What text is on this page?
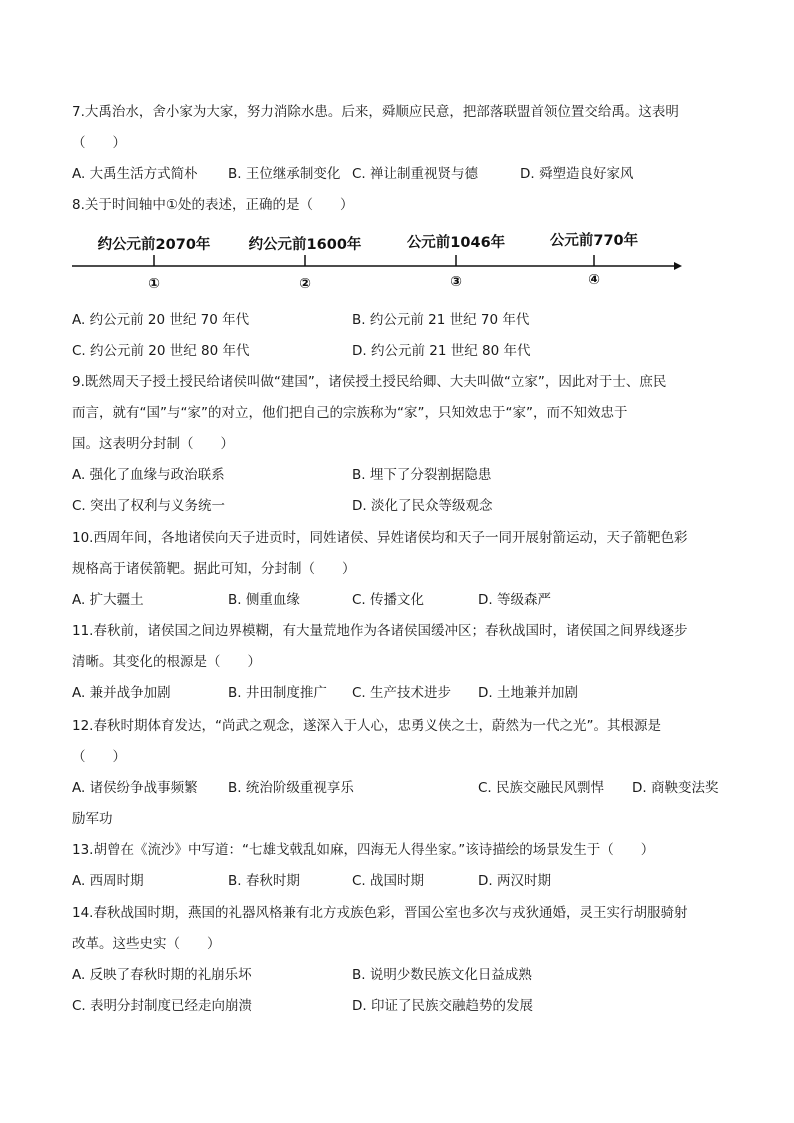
7.大禹治水，舍小家为大家，努力消除水患。后来，舜顺应民意，把部落联盟首领位置交给禹。这表明
（　　）
A. 大禹生活方式简朴 B. 王位继承制变化 C. 禅让制重视贤与德	D. 舜塑造良好家风
8.关于时间轴中①处的表述，正确的是（　　）
约公元前2070年	约公元前1600年	公元前1046年	公元前770年
①	②	③	④
A. 约公元前 20 世纪 70 年代	B. 约公元前 21 世纪 70 年代
C. 约公元前 20 世纪 80 年代	D. 约公元前 21 世纪 80 年代
9.既然周天子授土授民给诸侯叫做“建国”，诸侯授土授民给卿、大夫叫做“立家”，因此对于士、庶民
而言，就有“国”与“家”的对立，他们把自己的宗族称为“家”，只知效忠于“家”，而不知效忠于
国。这表明分封制（　　）
A. 强化了血缘与政治联系	B. 埋下了分裂割据隐患
C. 突出了权利与义务统一	D. 淡化了民众等级观念
10.西周年间，各地诸侯向天子进贡时，同姓诸侯、异姓诸侯均和天子一同开展射箭运动，天子箭靶色彩
规格高于诸侯箭靶。据此可知，分封制（　　）
A. 扩大疆土	B. 侧重血缘	C. 传播文化	D. 等级森严
11.春秋前，诸侯国之间边界模糊，有大量荒地作为各诸侯国缓冲区；春秋战国时，诸侯国之间界线逐步
清晰。其变化的根源是（　　）
A. 兼并战争加剧	B. 井田制度推广 C. 生产技术进步 D. 土地兼并加剧
12.春秋时期体育发达，“尚武之观念，遂深入于人心，忠勇义侠之士，蔚然为一代之光”。其根源是
（　　）
A. 诸侯纷争战事频繁 B. 统治阶级重视享乐	C. 民族交融民风剽悍 D. 商鞅变法奖
励军功
13.胡曾在《流沙》中写道：“七雄戈戟乱如麻，四海无人得坐家。”该诗描绘的场景发生于（　　）
A. 西周时期	B. 春秋时期	C. 战国时期	D. 两汉时期
14.春秋战国时期，燕国的礼器风格兼有北方戎族色彩，晋国公室也多次与戎狄通婚，灵王实行胡服骑射
改革。这些史实（　　）
A. 反映了春秋时期的礼崩乐坏	B. 说明少数民族文化日益成熟
C. 表明分封制度已经走向崩溃	D. 印证了民族交融趋势的发展
